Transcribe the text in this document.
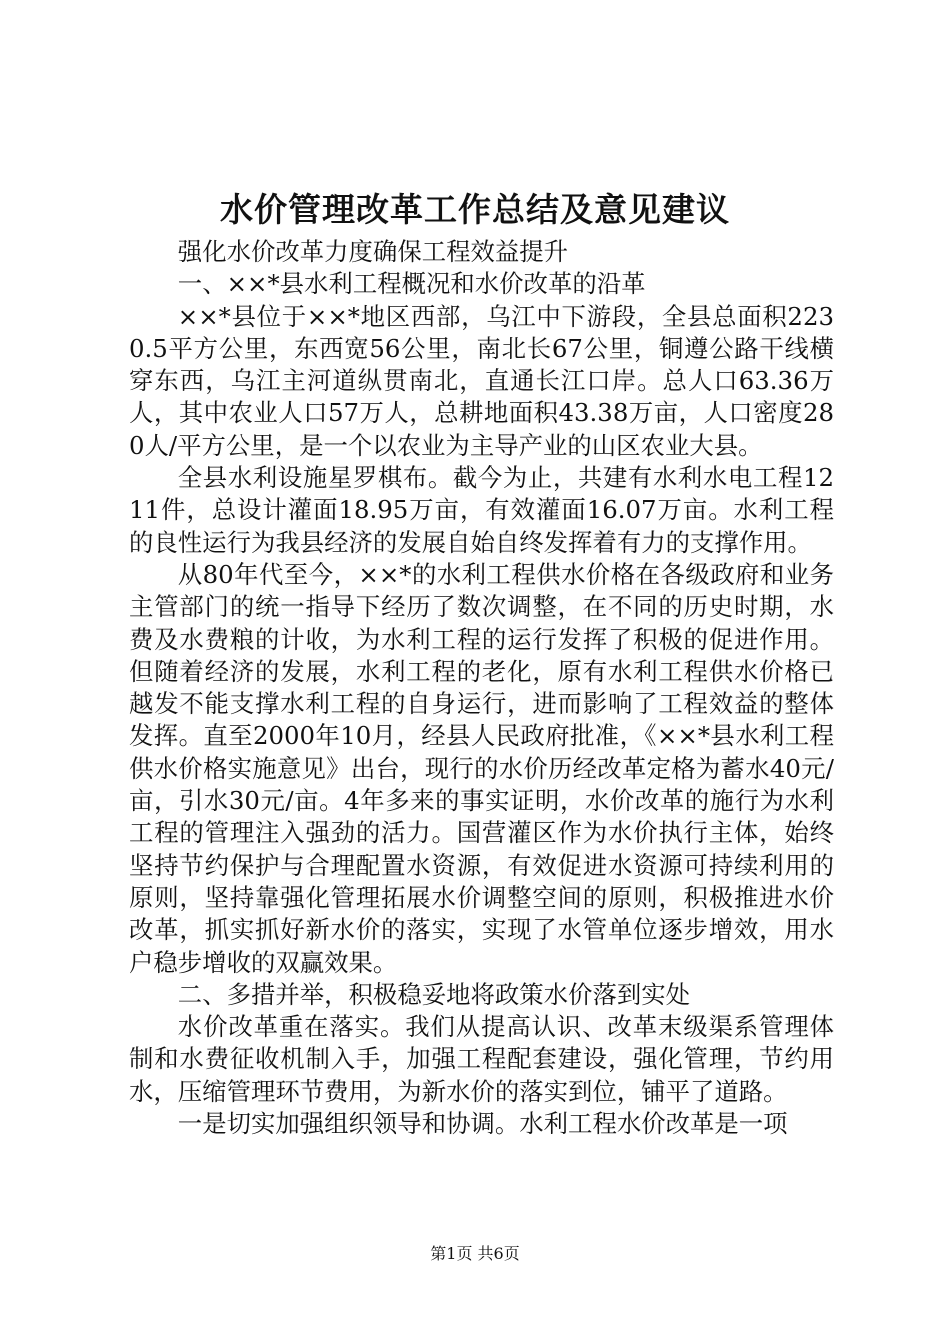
水价管理改革工作总结及意见建议

强化水价改革力度确保工程效益提升

一、××*县水利工程概况和水价改革的沿革

××*县位于××*地区西部，乌江中下游段，全县总面积2230.5平方公里，东西宽56公里，南北长67公里，铜遵公路干线横穿东西，乌江主河道纵贯南北，直通长江口岸。总人口63.36万人，其中农业人口57万人，总耕地面积43.38万亩，人口密度280人/平方公里，是一个以农业为主导产业的山区农业大县。

全县水利设施星罗棋布。截今为止，共建有水利水电工程1211件，总设计灌面18.95万亩，有效灌面16.07万亩。水利工程的良性运行为我县经济的发展自始自终发挥着有力的支撑作用。

从80年代至今，××*的水利工程供水价格在各级政府和业务主管部门的统一指导下经历了数次调整，在不同的历史时期，水费及水费粮的计收，为水利工程的运行发挥了积极的促进作用。但随着经济的发展，水利工程的老化，原有水利工程供水价格已越发不能支撑水利工程的自身运行，进而影响了工程效益的整体发挥。直至2000年10月，经县人民政府批准，《××*县水利工程供水价格实施意见》出台，现行的水价历经改革定格为蓄水40元/亩，引水30元/亩。4年多来的事实证明，水价改革的施行为水利工程的管理注入强劲的活力。国营灌区作为水价执行主体，始终坚持节约保护与合理配置水资源，有效促进水资源可持续利用的原则，坚持靠强化管理拓展水价调整空间的原则，积极推进水价改革，抓实抓好新水价的落实，实现了水管单位逐步增效，用水户稳步增收的双赢效果。

二、多措并举，积极稳妥地将政策水价落到实处

水价改革重在落实。我们从提高认识、改革末级渠系管理体制和水费征收机制入手，加强工程配套建设，强化管理，节约用水，压缩管理环节费用，为新水价的落实到位，铺平了道路。

一是切实加强组织领导和协调。水利工程水价改革是一项

第1页 共6页
